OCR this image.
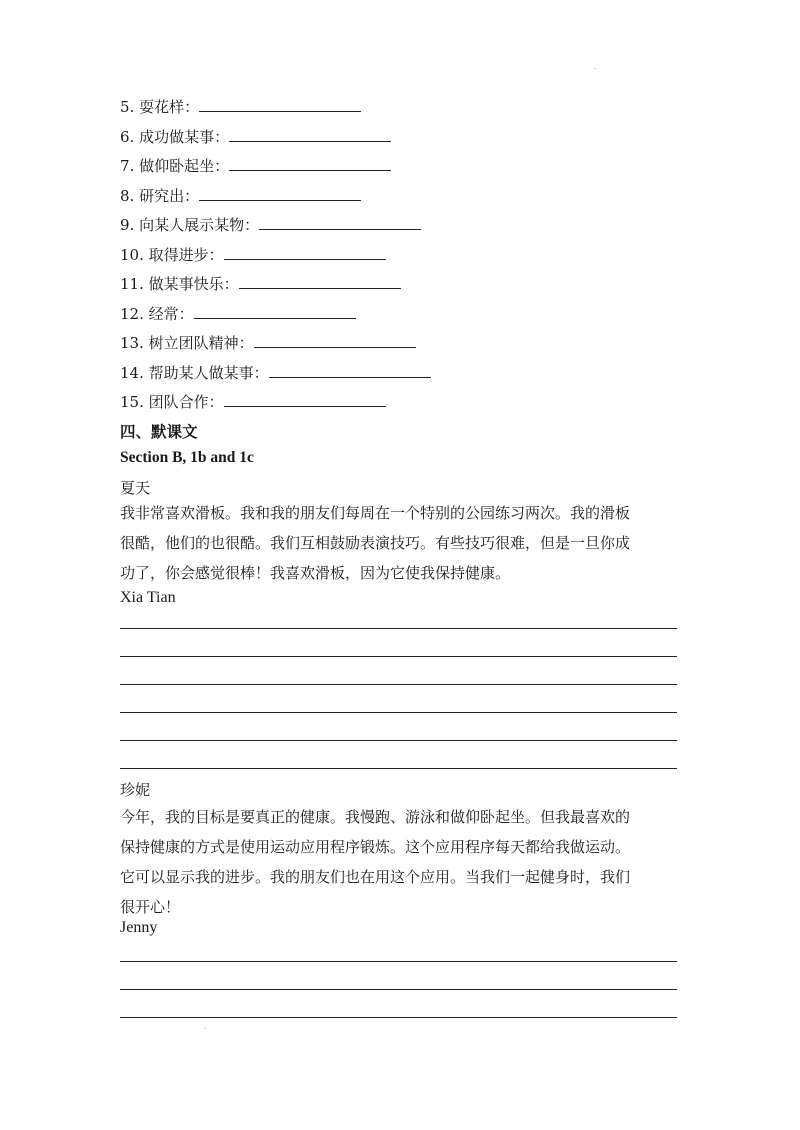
.
5. 耍花样：
6. 成功做某事：
7. 做仰卧起坐：
8. 研究出：
9. 向某人展示某物：
10. 取得进步：
11. 做某事快乐：
12. 经常：
13. 树立团队精神：
14. 帮助某人做某事：
15. 团队合作：
四、默课文
Section B, 1b and 1c
夏天
我非常喜欢滑板。我和我的朋友们每周在一个特别的公园练习两次。我的滑板
很酷，他们的也很酷。我们互相鼓励表演技巧。有些技巧很难，但是一旦你成
功了，你会感觉很棒！我喜欢滑板，因为它使我保持健康。
Xia Tian
珍妮
今年，我的目标是要真正的健康。我慢跑、游泳和做仰卧起坐。但我最喜欢的
保持健康的方式是使用运动应用程序锻炼。这个应用程序每天都给我做运动。
它可以显示我的进步。我的朋友们也在用这个应用。当我们一起健身时，我们
很开心！
Jenny
.
